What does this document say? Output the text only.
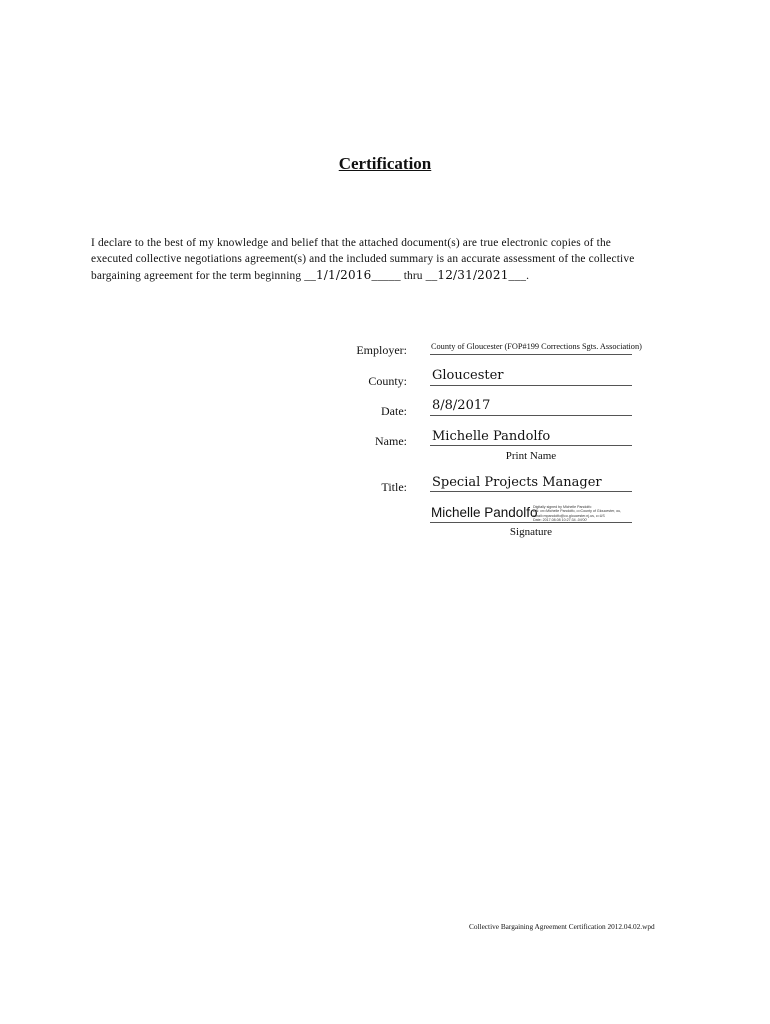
Certification
I declare to the best of my knowledge and belief that the attached document(s) are true electronic copies of the
executed collective negotiations agreement(s) and the included summary is an accurate assessment of the collective
bargaining agreement for the term beginning __1/1/2016_____ thru __12/31/2021___.
Employer:	County of Gloucester (FOP#199 Corrections Sgts. Association)
County: Gloucester
Date: 8/8/2017
Name: Michelle Pandolfo
Print Name
Title: Special Projects Manager
Michelle Pandolfo
Digitally signed by Michelle Pandolfo
DN: cn=Michelle Pandolfo, o=County of Gloucester, ou,
email=mpandolfo@co.gloucester.nj.us, c=US
Date: 2017.08.08 10:27:34 -04'00'
Signature
Collective Bargaining Agreement Certification 2012.04.02.wpd
